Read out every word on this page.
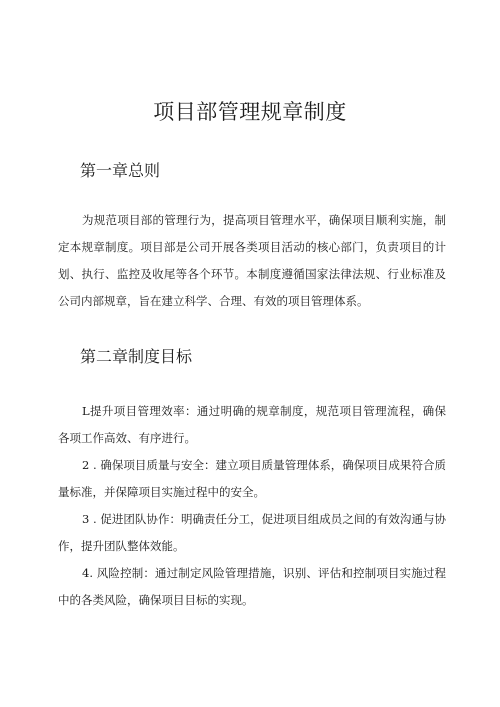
项目部管理规章制度
第一章总则

为规范项目部的管理行为，提高项目管理水平，确保项目顺利实施，制定本规章制度。项目部是公司开展各类项目活动的核心部门，负责项目的计划、执行、监控及收尾等各个环节。本制度遵循国家法律法规、行业标准及公司内部规章，旨在建立科学、合理、有效的项目管理体系。

第二章制度目标

L提升项目管理效率：通过明确的规章制度，规范项目管理流程，确保各项工作高效、有序进行。

2 . 确保项目质量与安全：建立项目质量管理体系，确保项目成果符合质量标准，并保障项目实施过程中的安全。

3 . 促进团队协作：明确责任分工，促进项目组成员之间的有效沟通与协作，提升团队整体效能。

4. 风险控制：通过制定风险管理措施，识别、评估和控制项目实施过程中的各类风险，确保项目目标的实现。
